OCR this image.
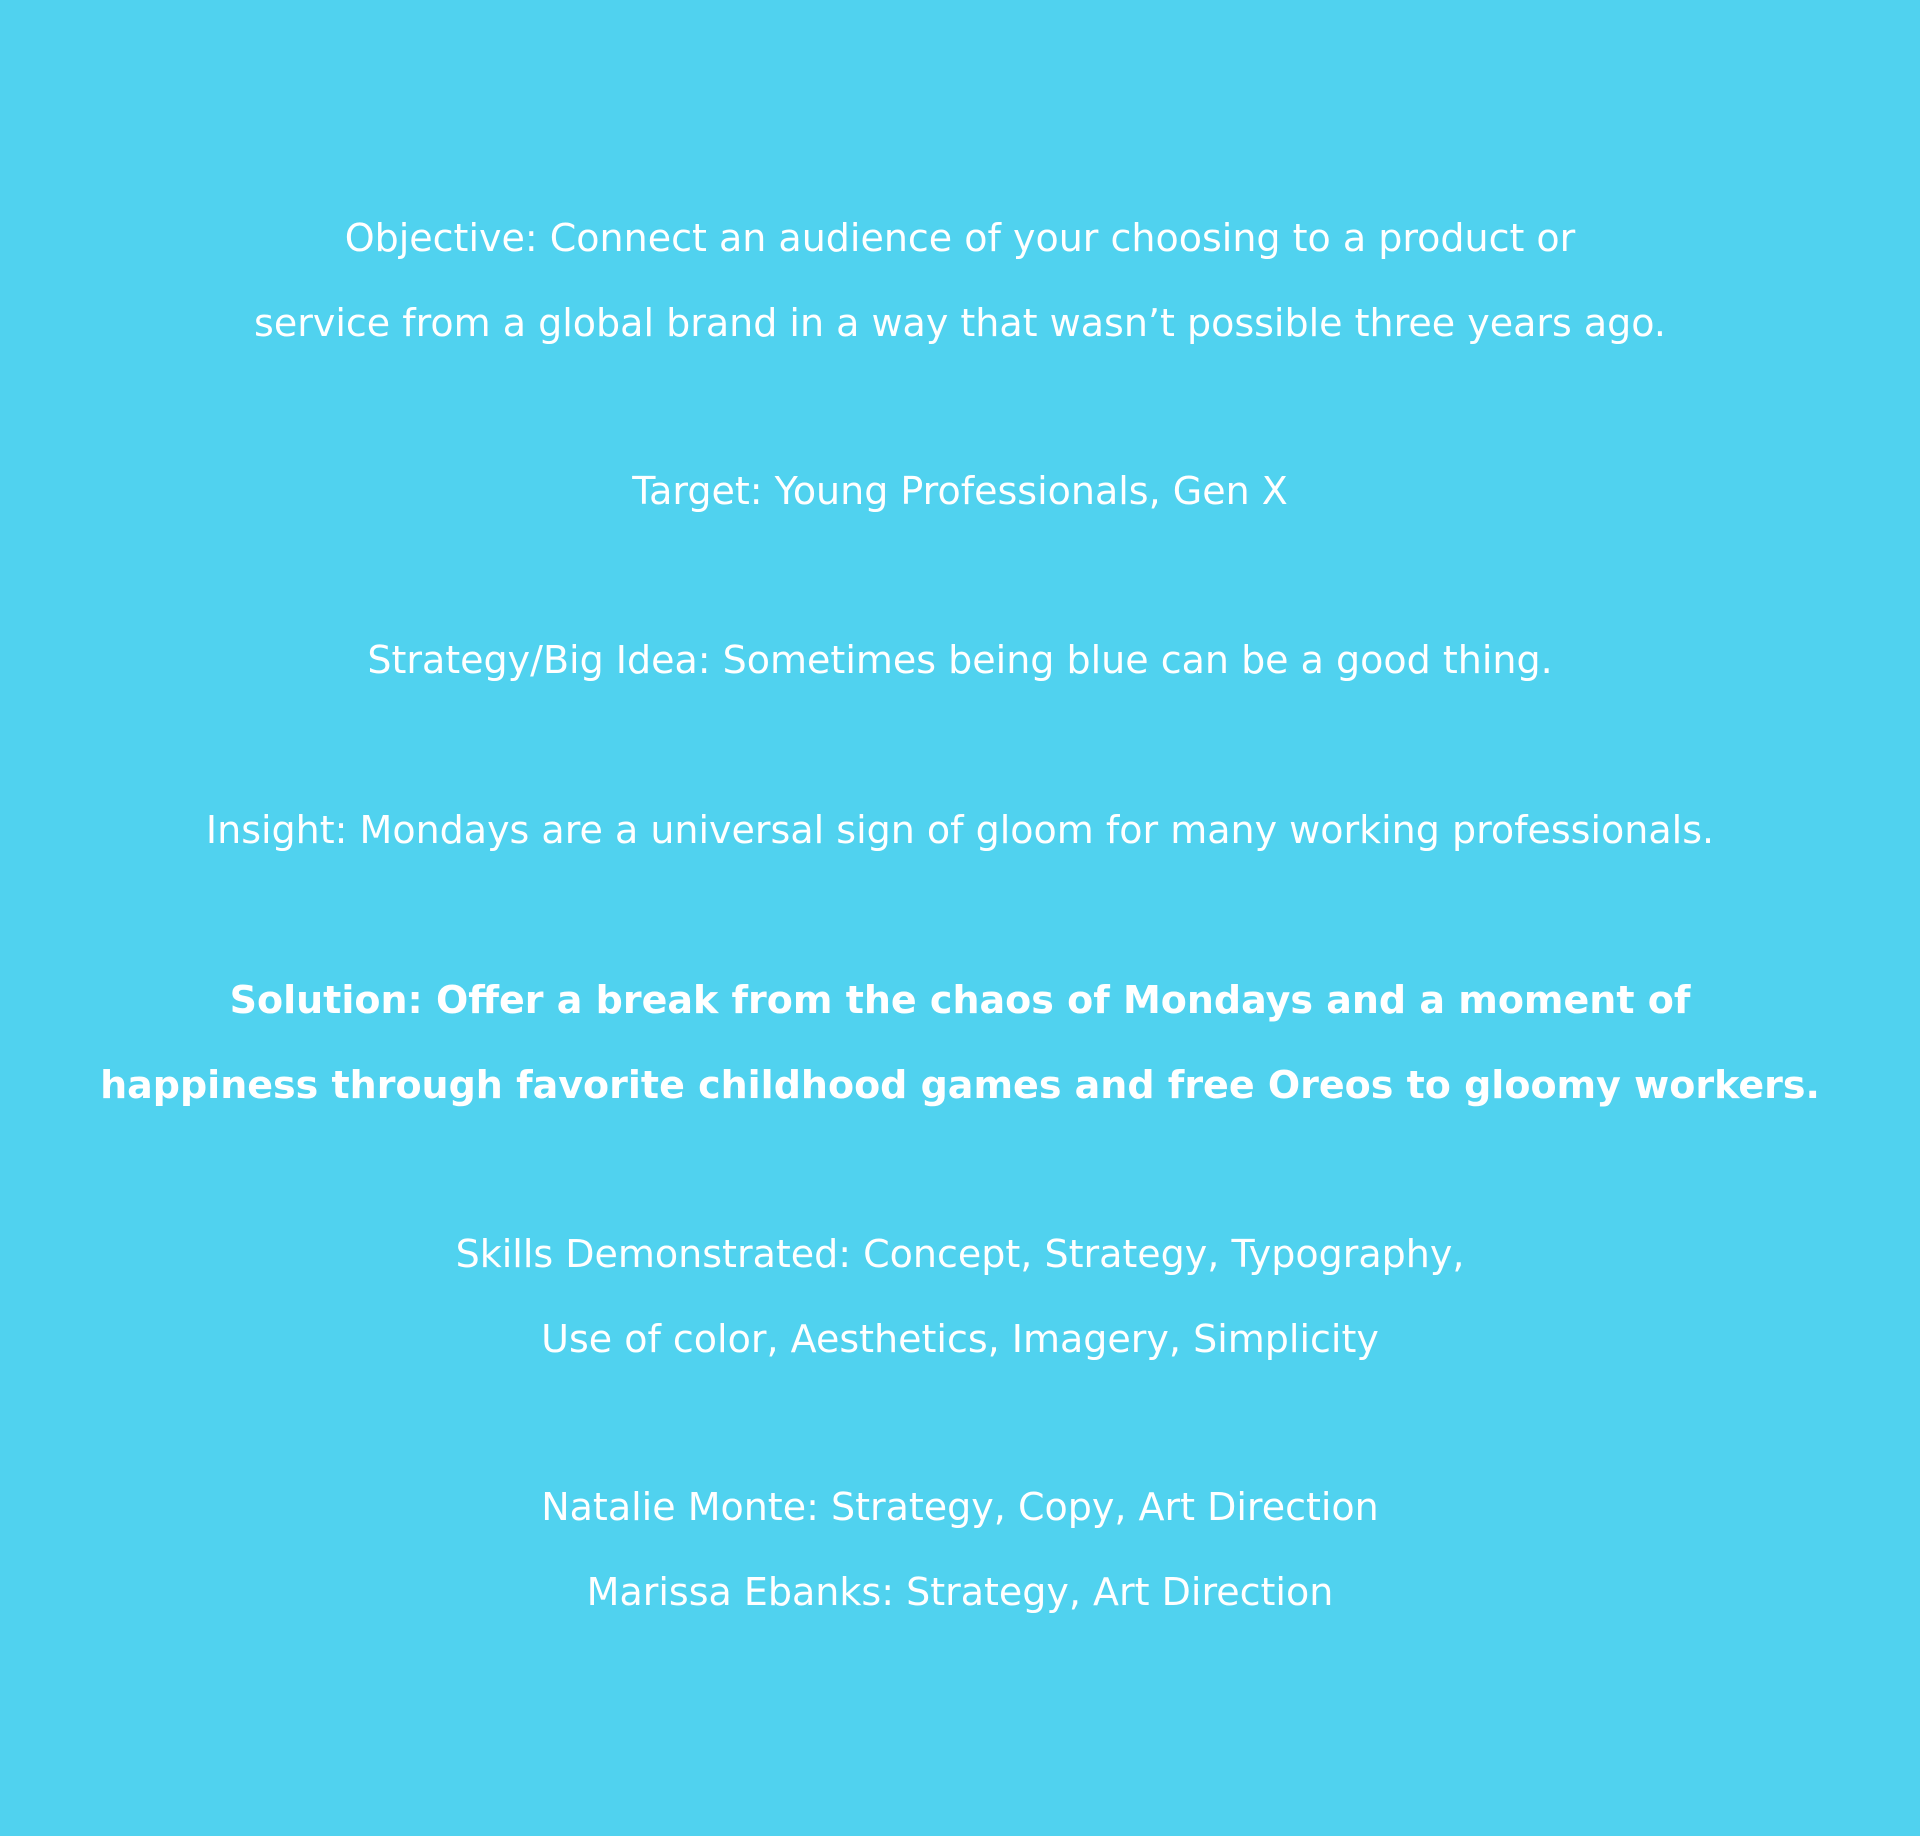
Objective: Connect an audience of your choosing to a product or
service from a global brand in a way that wasn’t possible three years ago.
Target: Young Professionals, Gen X
Strategy/Big Idea: Sometimes being blue can be a good thing.
Insight: Mondays are a universal sign of gloom for many working professionals.
Solution: Offer a break from the chaos of Mondays and a moment of
happiness through favorite childhood games and free Oreos to gloomy workers.
Skills Demonstrated: Concept, Strategy, Typography,
Use of color, Aesthetics, Imagery, Simplicity
Natalie Monte: Strategy, Copy, Art Direction
Marissa Ebanks: Strategy, Art Direction
